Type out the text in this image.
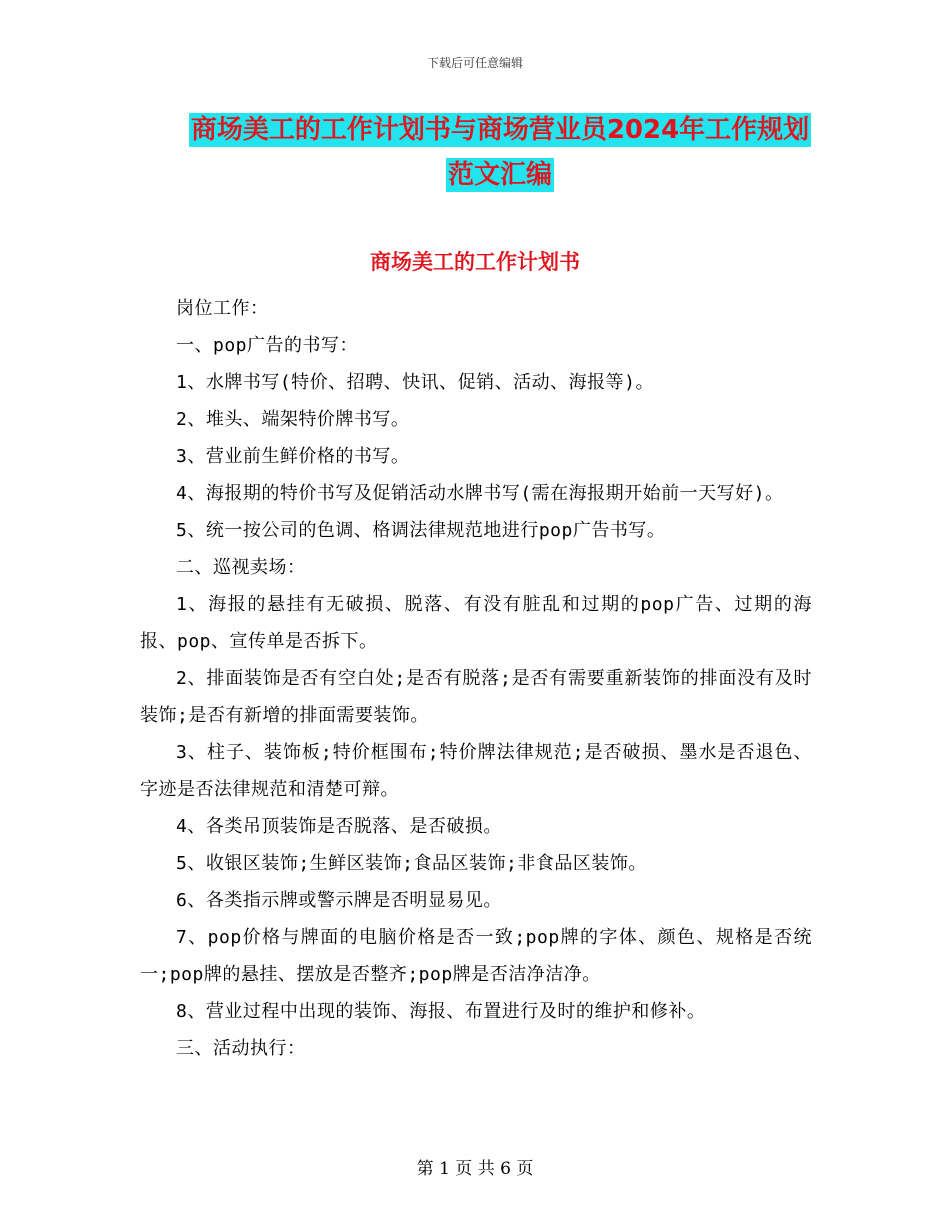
下载后可任意编辑
商场美工的工作计划书与商场营业员2024年工作规划
范文汇编
商场美工的工作计划书

岗位工作：

一、pop广告的书写：

1、水牌书写(特价、招聘、快讯、促销、活动、海报等)。

2、堆头、端架特价牌书写。

3、营业前生鲜价格的书写。

4、海报期的特价书写及促销活动水牌书写(需在海报期开始前一天写好)。

5、统一按公司的色调、格调法律规范地进行pop广告书写。

二、巡视卖场：

1、海报的悬挂有无破损、脱落、有没有脏乱和过期的pop广告、过期的海报、pop、宣传单是否拆下。

2、排面装饰是否有空白处;是否有脱落;是否有需要重新装饰的排面没有及时装饰;是否有新增的排面需要装饰。

3、柱子、装饰板;特价框围布;特价牌法律规范;是否破损、墨水是否退色、字迹是否法律规范和清楚可辩。

4、各类吊顶装饰是否脱落、是否破损。

5、收银区装饰;生鲜区装饰;食品区装饰;非食品区装饰。

6、各类指示牌或警示牌是否明显易见。

7、pop价格与牌面的电脑价格是否一致;pop牌的字体、颜色、规格是否统一;pop牌的悬挂、摆放是否整齐;pop牌是否洁净洁净。

8、营业过程中出现的装饰、海报、布置进行及时的维护和修补。

三、活动执行：

第 1 页 共 6 页
